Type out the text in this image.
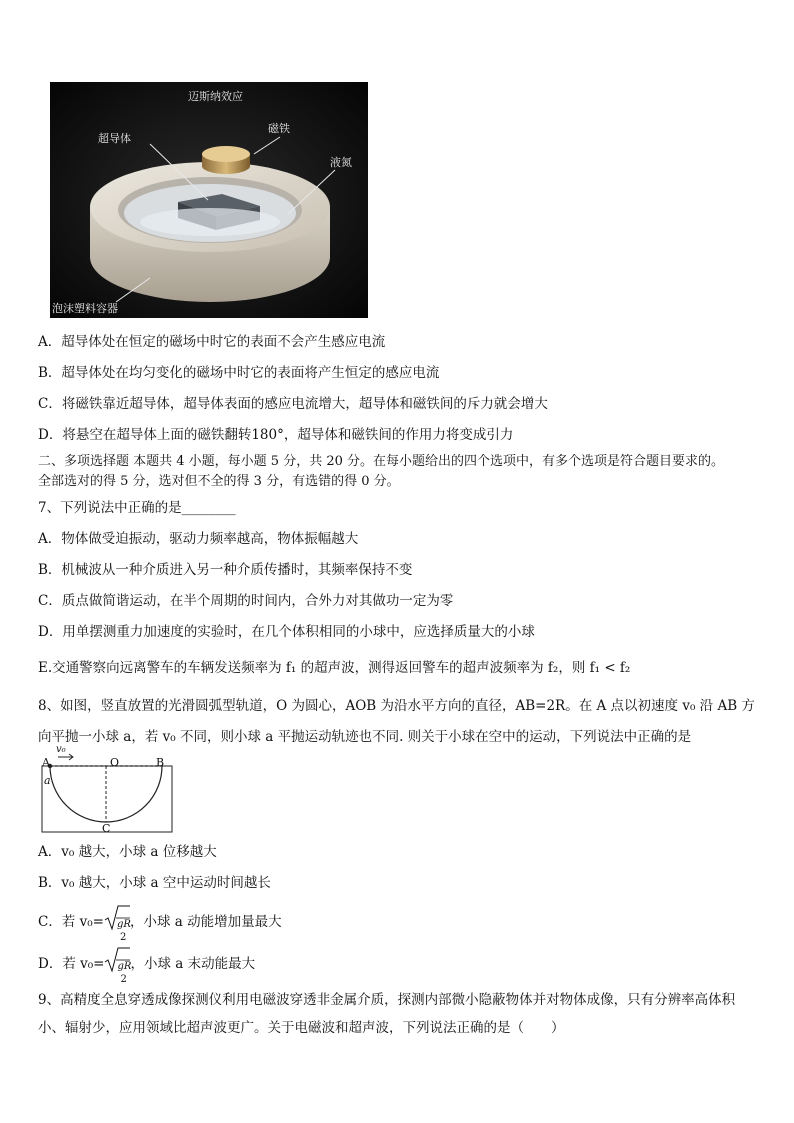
迈斯纳效应
超导体
磁铁
液氮
泡沫塑料容器
A．超导体处在恒定的磁场中时它的表面不会产生感应电流
B．超导体处在均匀变化的磁场中时它的表面将产生恒定的感应电流
C．将磁铁靠近超导体，超导体表面的感应电流增大，超导体和磁铁间的斥力就会增大
D．将悬空在超导体上面的磁铁翻转180°，超导体和磁铁间的作用力将变成引力
二、多项选择题 本题共 4 小题，每小题 5 分，共 20 分。在每小题给出的四个选项中，有多个选项是符合题目要求的。
全部选对的得 5 分，选对但不全的得 3 分，有选错的得 0 分。
7、下列说法中正确的是________
A．物体做受迫振动，驱动力频率越高，物体振幅越大
B．机械波从一种介质进入另一种介质传播时，其频率保持不变
C．质点做简谐运动，在半个周期的时间内，合外力对其做功一定为零
D．用单摆测重力加速度的实验时，在几个体积相同的小球中，应选择质量大的小球
E.交通警察向远离警车的车辆发送频率为 f₁ 的超声波，测得返回警车的超声波频率为 f₂，则 f₁ < f₂
8、如图，竖直放置的光滑圆弧型轨道，O 为圆心，AOB 为沿水平方向的直径，AB=2R。在 A 点以初速度 v₀ 沿 AB 方
向平抛一小球 a，若 v₀ 不同，则小球 a 平抛运动轨迹也不同. 则关于小球在空中的运动，下列说法中正确的是
A
v₀
O	B
a
C
A．v₀ 越大，小球 a 位移越大
B．v₀ 越大，小球 a 空中运动时间越长
C．若 v₀= gR
2
，小球 a 动能增加量最大
D．若 v₀= gR
2
，小球 a 末动能最大
9、高精度全息穿透成像探测仪利用电磁波穿透非金属介质，探测内部微小隐蔽物体并对物体成像，只有分辨率高体积
小、辐射少，应用领域比超声波更广。关于电磁波和超声波，下列说法正确的是（　　）
